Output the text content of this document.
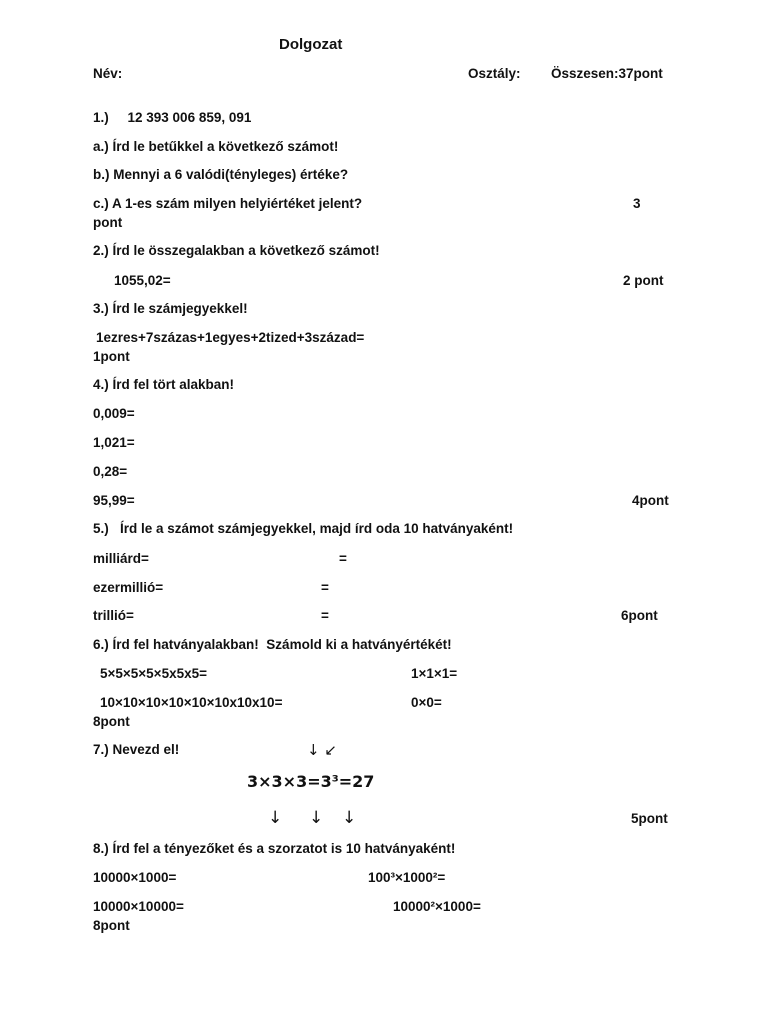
Dolgozat
Név:	Osztály: Összesen:37pont
1.)     12 393 006 859, 091
a.) Írd le betűkkel a következő számot!
b.) Mennyi a 6 valódi(tényleges) értéke?
c.) A 1-es szám milyen helyiértéket jelent?	3
pont
2.) Írd le összegalakban a következő számot!
1055,02=	2 pont
3.) Írd le számjegyekkel!
1ezres+7százas+1egyes+2tized+3század=
1pont
4.) Írd fel tört alakban!
0,009=
1,021=
0,28=
95,99=	4pont
5.)   Írd le a számot számjegyekkel, majd írd oda 10 hatványaként!
milliárd=	=
ezermillió=	=
trillió=	=	6pont
6.) Írd fel hatványalakban!  Számold ki a hatványértékét!
5×5×5×5×5x5x5=	1×1×1=
10×10×10×10×10×10x10x10=	0×0=
8pont
7.) Nevezd el!	↓ ↙
3×3×3=3³=27
↓ ↓ ↓	5pont
8.) Írd fel a tényezőket és a szorzatot is 10 hatványaként!
10000×1000=	100³×1000²=
10000×10000=	10000²×1000=
8pont
